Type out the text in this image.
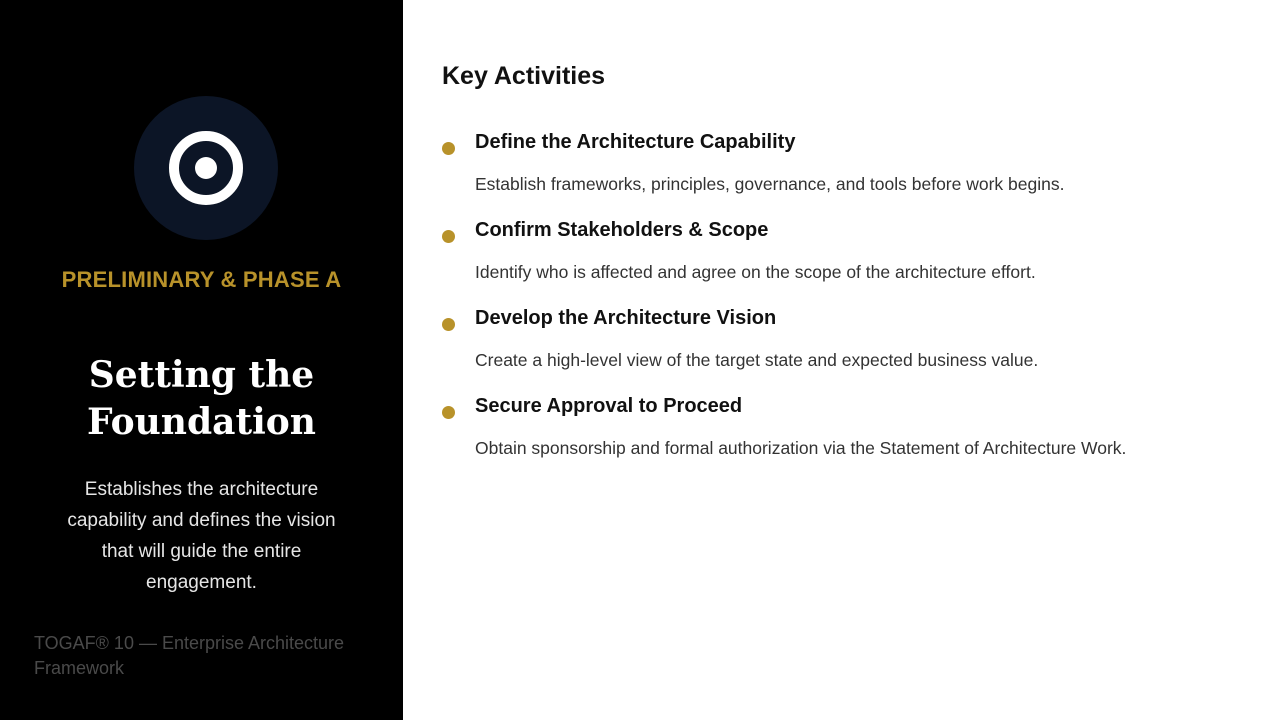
PRELIMINARY & PHASE A
Setting the
Foundation
Establishes the architecture capability and defines the vision that will guide the entire engagement.
TOGAF® 10 — Enterprise Architecture
Framework
Key Activities
Define the Architecture Capability
Establish frameworks, principles, governance, and tools before work begins.
Confirm Stakeholders & Scope
Identify who is affected and agree on the scope of the architecture effort.
Develop the Architecture Vision
Create a high-level view of the target state and expected business value.
Secure Approval to Proceed
Obtain sponsorship and formal authorization via the Statement of Architecture Work.
